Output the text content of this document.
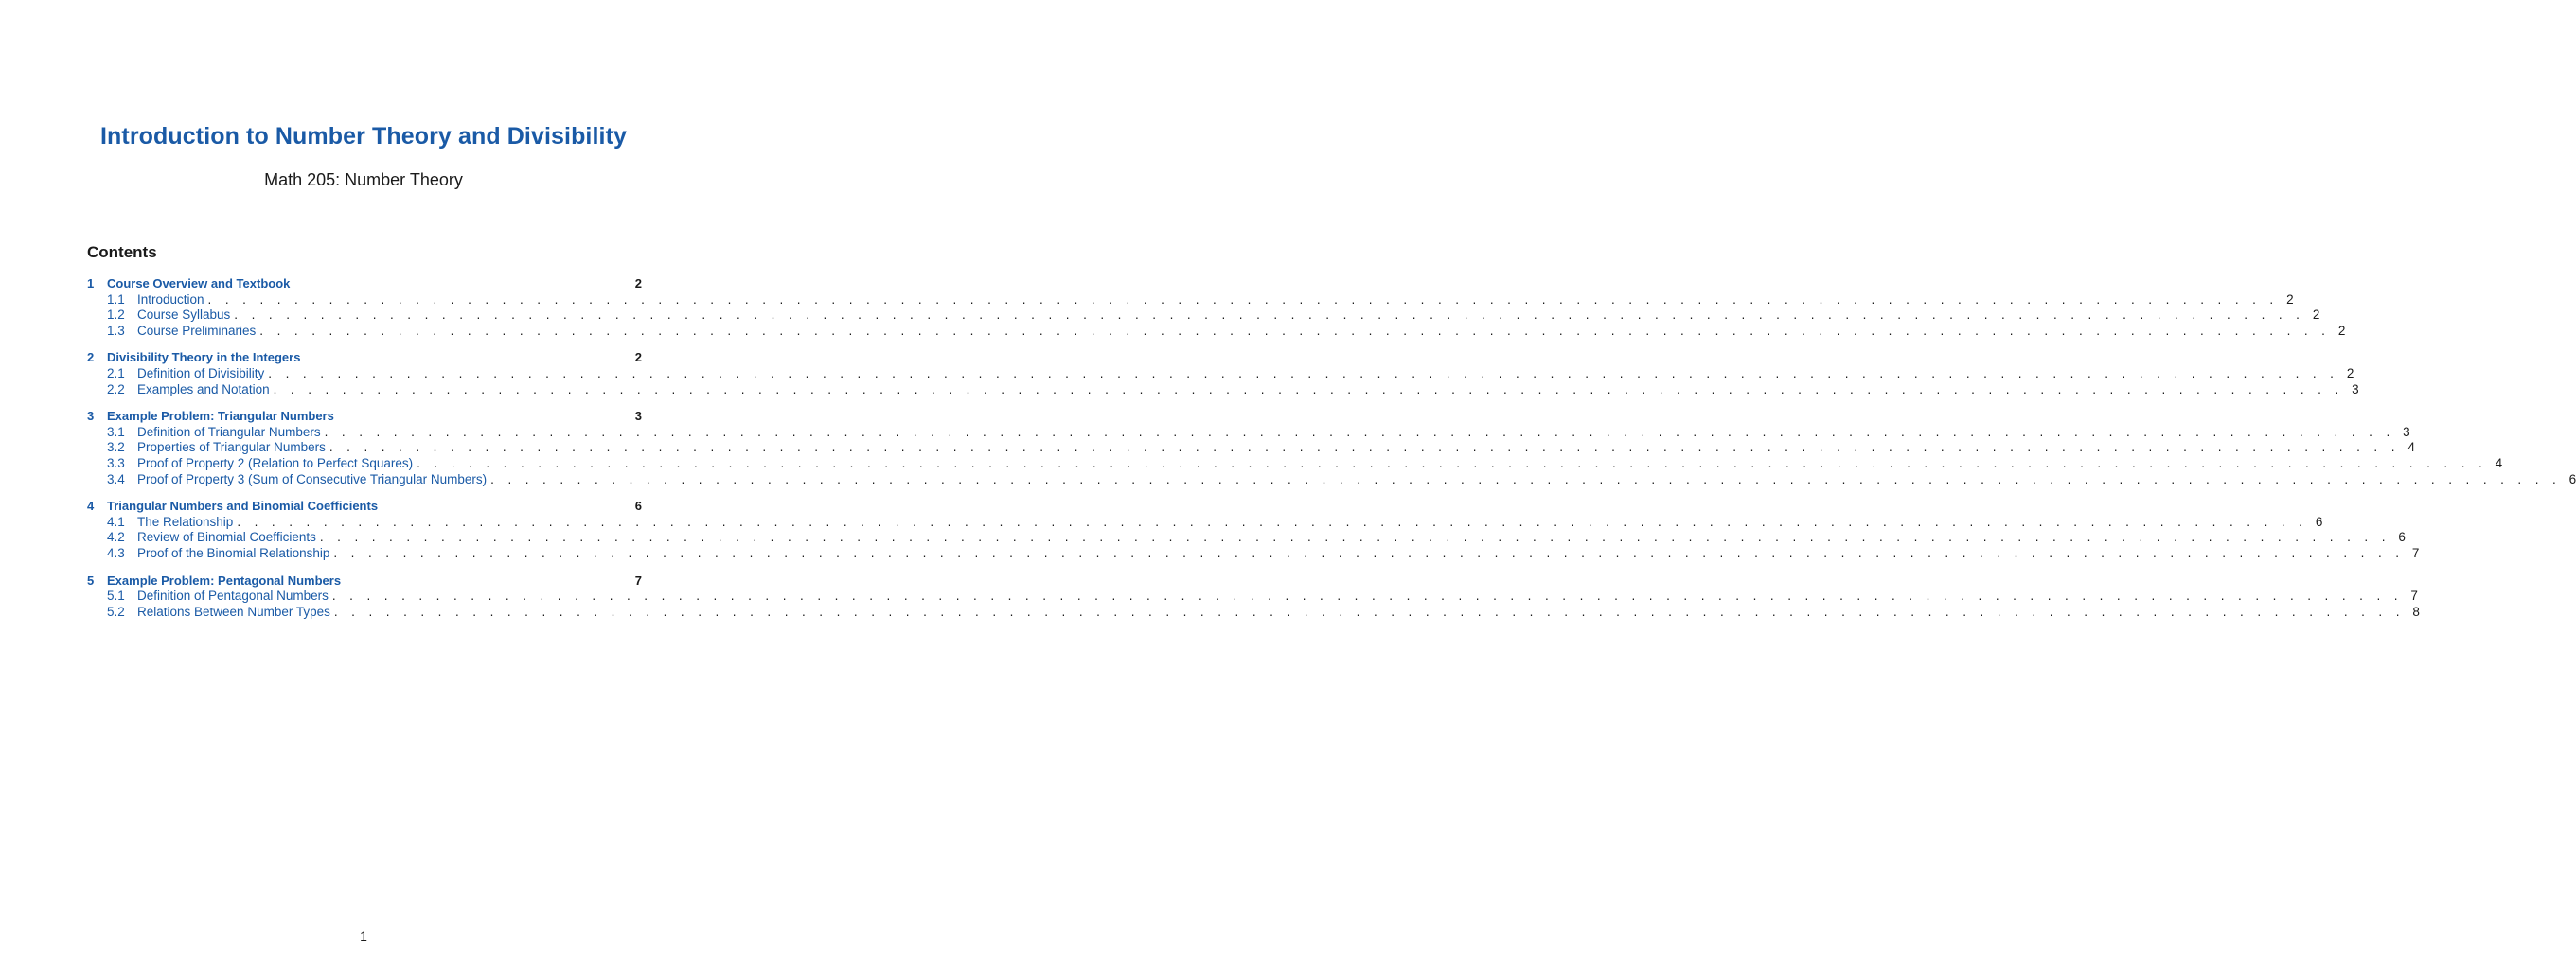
Introduction to Number Theory and Divisibility
Math 205: Number Theory
Contents
1	Course Overview and Textbook	2
1.1 Introduction . . . . . . . . . . . . . . . . . . . . . . . . . . . . . . . . . . . . . . . . . . . . . . . . . . . . . . . . . . . . . . . . . . . . . . . . . . . . . . . . . . . . . . . . . . . . . . . . . . . . . . . . . . . . . . . . . . . . . . . . 2
1.2 Course Syllabus . . . . . . . . . . . . . . . . . . . . . . . . . . . . . . . . . . . . . . . . . . . . . . . . . . . . . . . . . . . . . . . . . . . . . . . . . . . . . . . . . . . . . . . . . . . . . . . . . . . . . . . . . . . . . . . . . . . . . . . . 2
1.3 Course Preliminaries . . . . . . . . . . . . . . . . . . . . . . . . . . . . . . . . . . . . . . . . . . . . . . . . . . . . . . . . . . . . . . . . . . . . . . . . . . . . . . . . . . . . . . . . . . . . . . . . . . . . . . . . . . . . . . . . . . . . . . . . 2
2	Divisibility Theory in the Integers	2
2.1 Definition of Divisibility . . . . . . . . . . . . . . . . . . . . . . . . . . . . . . . . . . . . . . . . . . . . . . . . . . . . . . . . . . . . . . . . . . . . . . . . . . . . . . . . . . . . . . . . . . . . . . . . . . . . . . . . . . . . . . . . . . . . . . . . 2
2.2 Examples and Notation . . . . . . . . . . . . . . . . . . . . . . . . . . . . . . . . . . . . . . . . . . . . . . . . . . . . . . . . . . . . . . . . . . . . . . . . . . . . . . . . . . . . . . . . . . . . . . . . . . . . . . . . . . . . . . . . . . . . . . . . 3
3	Example Problem: Triangular Numbers	3
3.1 Definition of Triangular Numbers . . . . . . . . . . . . . . . . . . . . . . . . . . . . . . . . . . . . . . . . . . . . . . . . . . . . . . . . . . . . . . . . . . . . . . . . . . . . . . . . . . . . . . . . . . . . . . . . . . . . . . . . . . . . . . . . . . . . . . . . 3
3.2 Properties of Triangular Numbers . . . . . . . . . . . . . . . . . . . . . . . . . . . . . . . . . . . . . . . . . . . . . . . . . . . . . . . . . . . . . . . . . . . . . . . . . . . . . . . . . . . . . . . . . . . . . . . . . . . . . . . . . . . . . . . . . . . . . . . . 4
3.3 Proof of Property 2 (Relation to Perfect Squares) . . . . . . . . . . . . . . . . . . . . . . . . . . . . . . . . . . . . . . . . . . . . . . . . . . . . . . . . . . . . . . . . . . . . . . . . . . . . . . . . . . . . . . . . . . . . . . . . . . . . . . . . . . . . . . . . . . . . . . . . 4
3.4 Proof of Property 3 (Sum of Consecutive Triangular Numbers) . . . . . . . . . . . . . . . . . . . . . . . . . . . . . . . . . . . . . . . . . . . . . . . . . . . . . . . . . . . . . . . . . . . . . . . . . . . . . . . . . . . . . . . . . . . . . . . . . . . . . . . . . . . . . . . . . . . . . . . . 6
4	Triangular Numbers and Binomial Coefficients	6
4.1 The Relationship . . . . . . . . . . . . . . . . . . . . . . . . . . . . . . . . . . . . . . . . . . . . . . . . . . . . . . . . . . . . . . . . . . . . . . . . . . . . . . . . . . . . . . . . . . . . . . . . . . . . . . . . . . . . . . . . . . . . . . . . 6
4.2 Review of Binomial Coefficients . . . . . . . . . . . . . . . . . . . . . . . . . . . . . . . . . . . . . . . . . . . . . . . . . . . . . . . . . . . . . . . . . . . . . . . . . . . . . . . . . . . . . . . . . . . . . . . . . . . . . . . . . . . . . . . . . . . . . . . . 6
4.3 Proof of the Binomial Relationship . . . . . . . . . . . . . . . . . . . . . . . . . . . . . . . . . . . . . . . . . . . . . . . . . . . . . . . . . . . . . . . . . . . . . . . . . . . . . . . . . . . . . . . . . . . . . . . . . . . . . . . . . . . . . . . . . . . . . . . . 7
5	Example Problem: Pentagonal Numbers	7
5.1 Definition of Pentagonal Numbers . . . . . . . . . . . . . . . . . . . . . . . . . . . . . . . . . . . . . . . . . . . . . . . . . . . . . . . . . . . . . . . . . . . . . . . . . . . . . . . . . . . . . . . . . . . . . . . . . . . . . . . . . . . . . . . . . . . . . . . . 7
5.2 Relations Between Number Types . . . . . . . . . . . . . . . . . . . . . . . . . . . . . . . . . . . . . . . . . . . . . . . . . . . . . . . . . . . . . . . . . . . . . . . . . . . . . . . . . . . . . . . . . . . . . . . . . . . . . . . . . . . . . . . . . . . . . . . . 8
1
